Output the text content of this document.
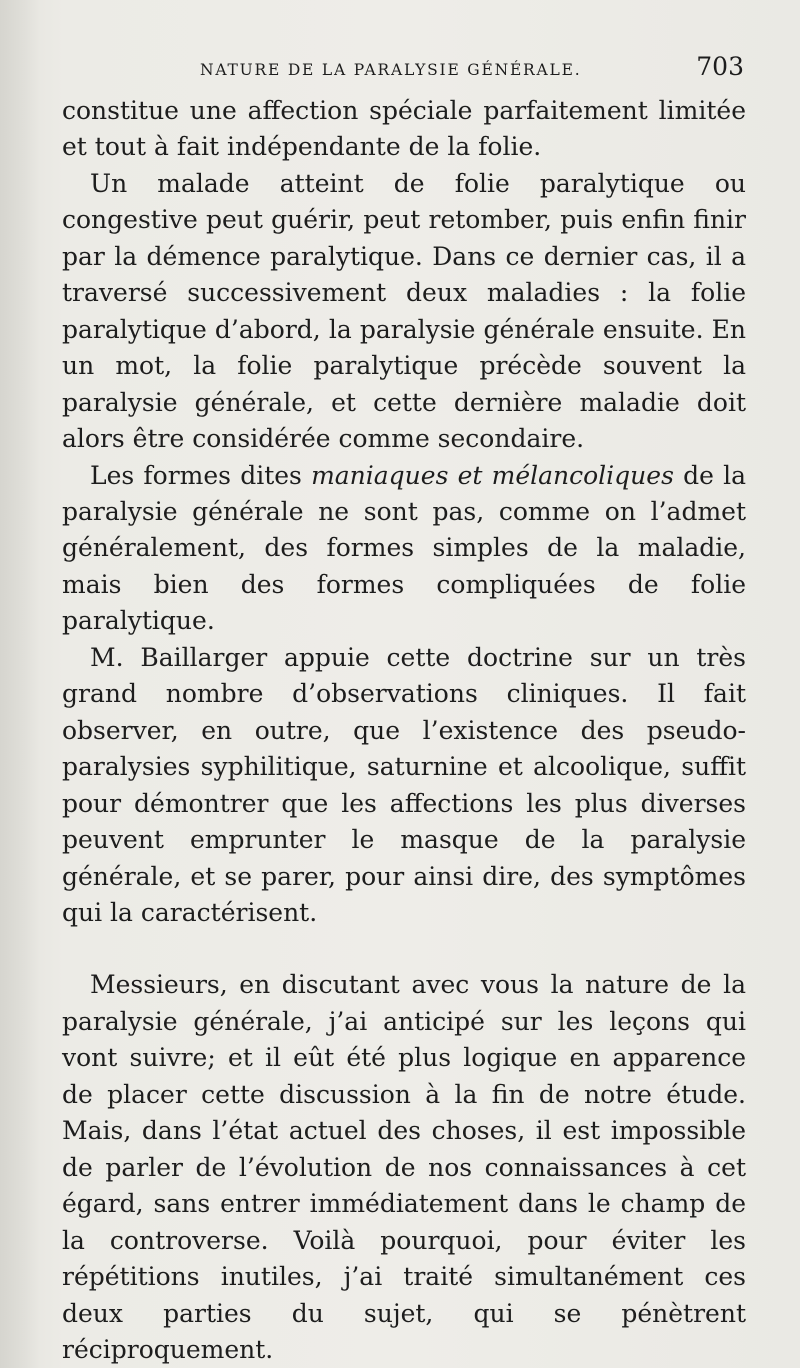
NATURE DE LA PARALYSIE GÉNÉRALE.	703

constitue une affection spéciale parfaitement limitée et tout à fait indépendante de la folie.

Un malade atteint de folie paralytique ou congestive peut guérir, peut retomber, puis enfin finir par la démence paralytique. Dans ce dernier cas, il a traversé successivement deux maladies : la folie paralytique d’abord, la paralysie générale ensuite. En un mot, la folie paralytique précède souvent la paralysie générale, et cette dernière maladie doit alors être considérée comme secondaire.

Les formes dites maniaques et mélancoliques de la paralysie générale ne sont pas, comme on l’admet généralement, des formes simples de la maladie, mais bien des formes compliquées de folie paralytique.

M. Baillarger appuie cette doctrine sur un très grand nombre d’observations cliniques. Il fait observer, en outre, que l’existence des pseudo-paralysies syphilitique, saturnine et alcoolique, suffit pour démontrer que les affections les plus diverses peuvent emprunter le masque de la paralysie générale, et se parer, pour ainsi dire, des symptômes qui la caractérisent.

Messieurs, en discutant avec vous la nature de la paralysie générale, j’ai anticipé sur les leçons qui vont suivre; et il eût été plus logique en apparence de placer cette discussion à la fin de notre étude. Mais, dans l’état actuel des choses, il est impossible de parler de l’évolution de nos connaissances à cet égard, sans entrer immédiatement dans le champ de la controverse. Voilà pourquoi, pour éviter les répétitions inutiles, j’ai traité simultanément ces deux parties du sujet, qui se pénètrent réciproquement.
